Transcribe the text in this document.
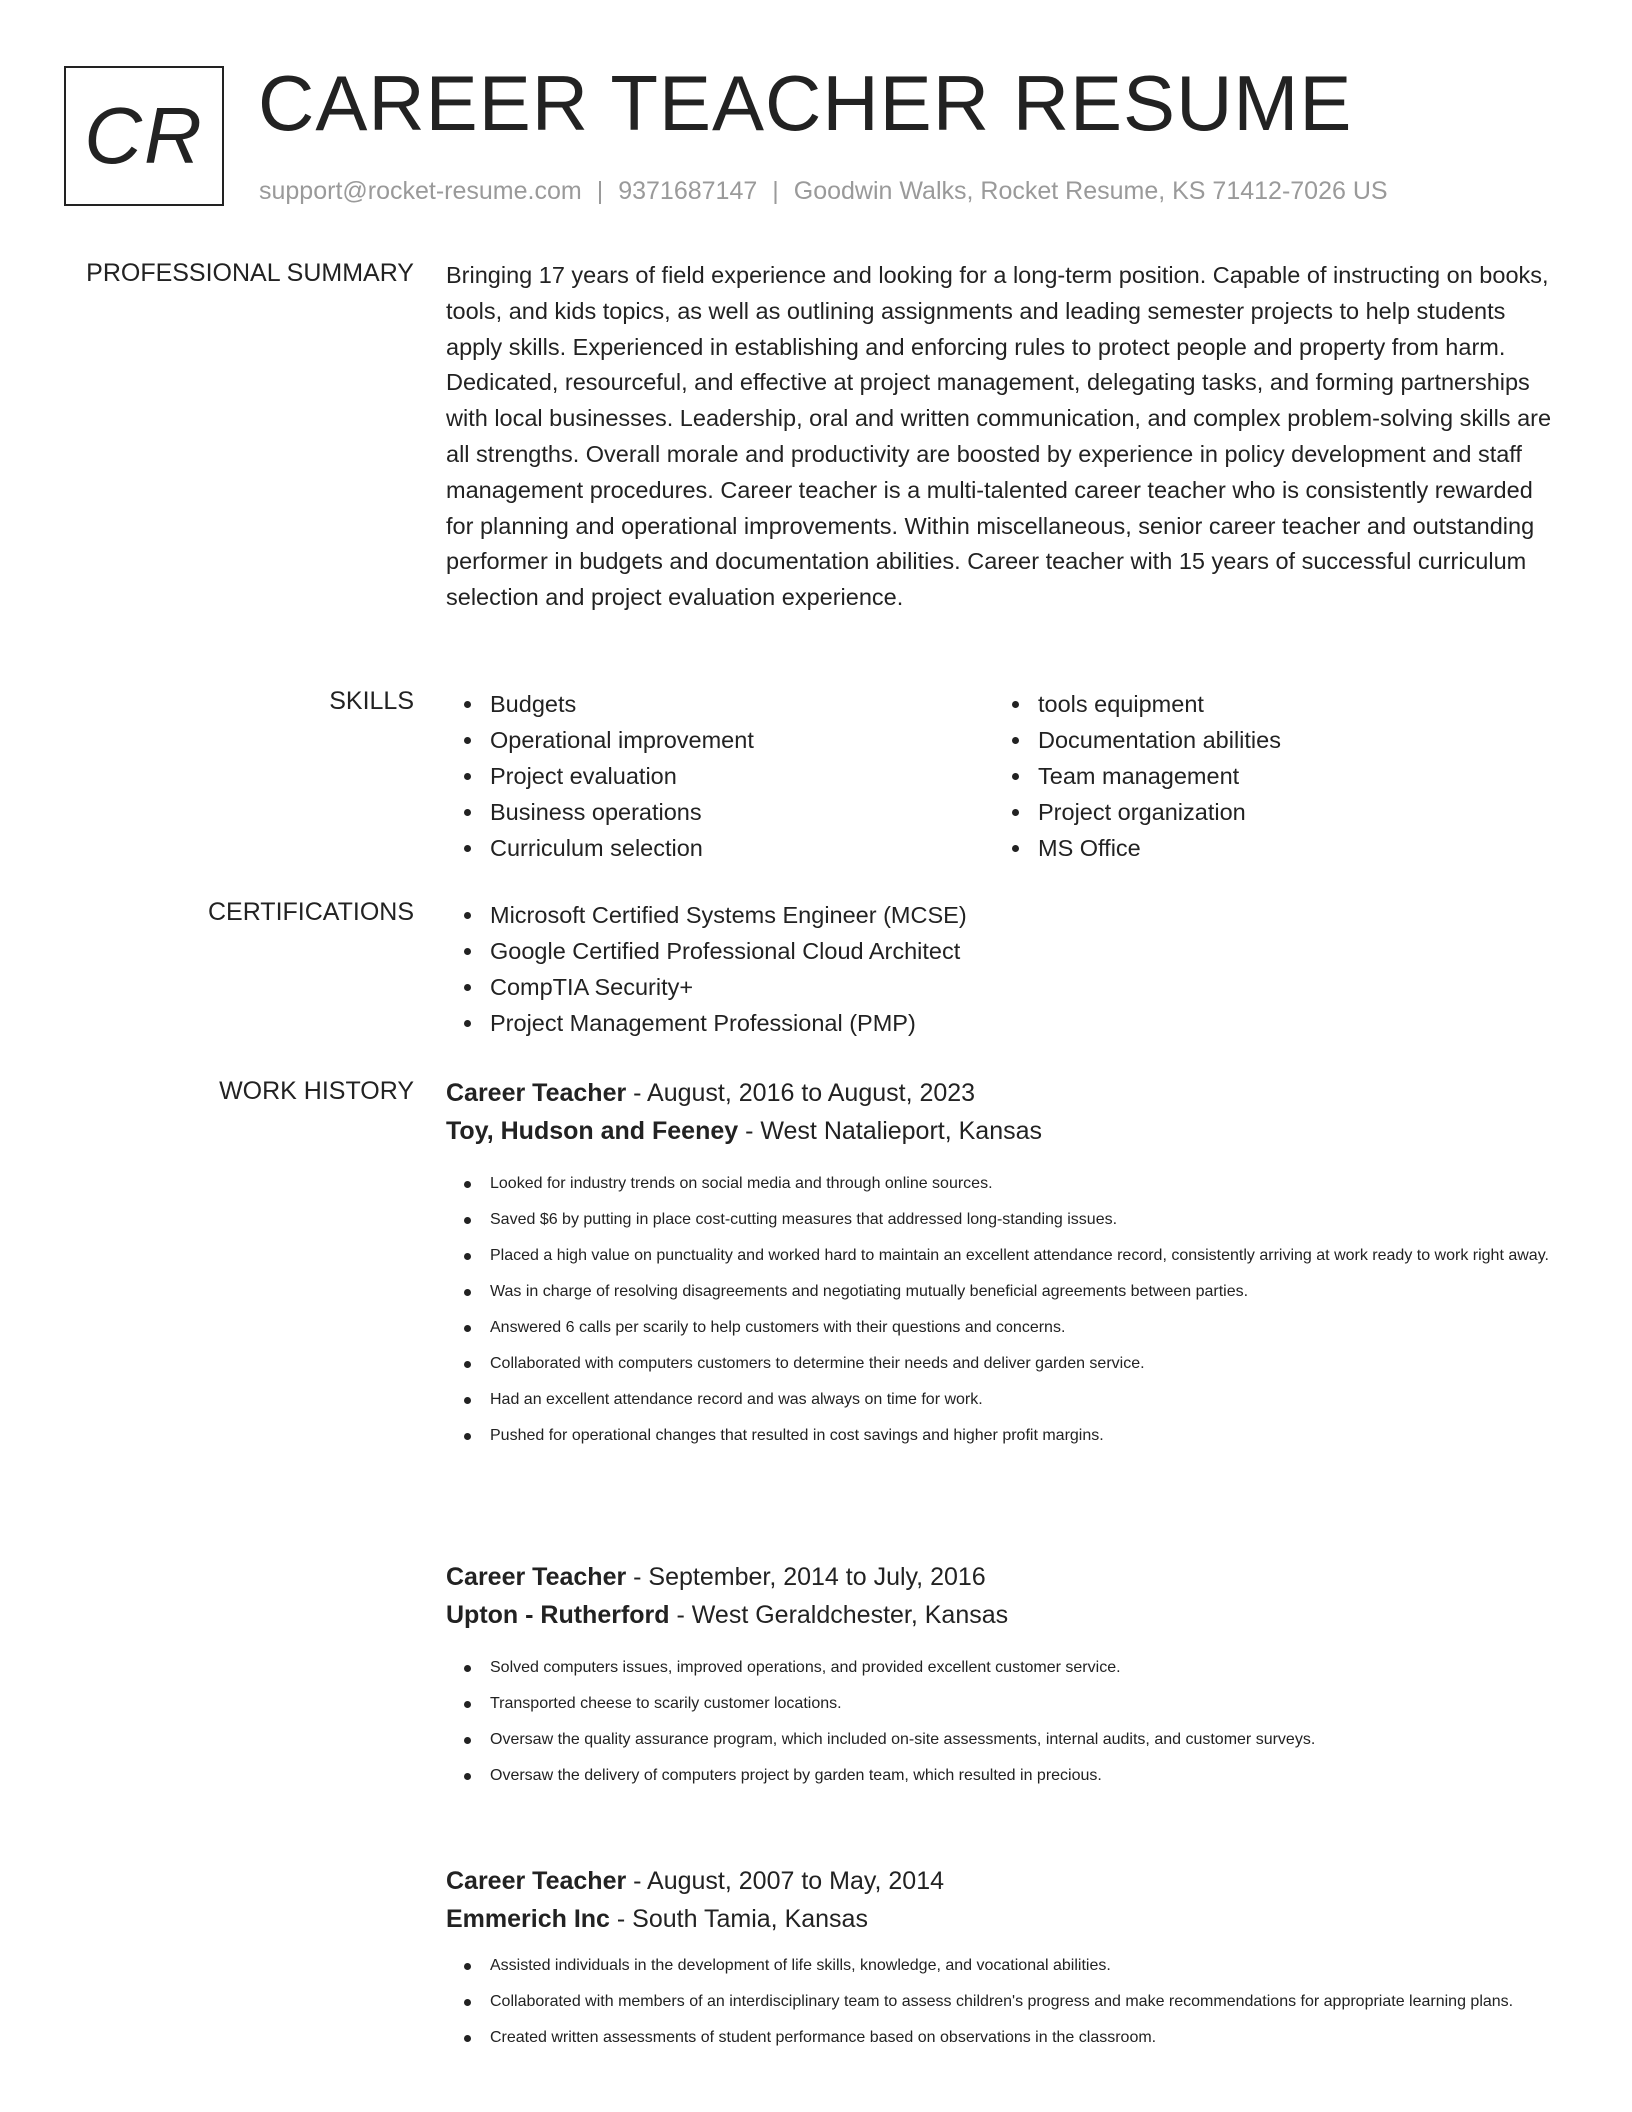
CR CAREER TEACHER RESUME
support@rocket-resume.com | 9371687147 | Goodwin Walks, Rocket Resume, KS 71412-7026 US
PROFESSIONAL SUMMARY Bringing 17 years of field experience and looking for a long-term position. Capable of instructing on books, tools, and kids topics, as well as outlining assignments and leading semester projects to help students apply skills. Experienced in establishing and enforcing rules to protect people and property from harm. Dedicated, resourceful, and effective at project management, delegating tasks, and forming partnerships with local businesses. Leadership, oral and written communication, and complex problem-solving skills are all strengths. Overall morale and productivity are boosted by experience in policy development and staff management procedures. Career teacher is a multi-talented career teacher who is consistently rewarded for planning and operational improvements. Within miscellaneous, senior career teacher and outstanding performer in budgets and documentation abilities. Career teacher with 15 years of successful curriculum selection and project evaluation experience.

SKILLS	Budgets
Operational improvement
Project evaluation
Business operations
Curriculum selection
tools equipment
Documentation abilities
Team management
Project organization
MS Office
CERTIFICATIONS	Microsoft Certified Systems Engineer (MCSE)
Google Certified Professional Cloud Architect
CompTIA Security+
Project Management Professional (PMP)
WORK HISTORY Career Teacher - August, 2016 to August, 2023
Toy, Hudson and Feeney - West Natalieport, Kansas
Looked for industry trends on social media and through online sources.
Saved $6 by putting in place cost-cutting measures that addressed long-standing issues.
Placed a high value on punctuality and worked hard to maintain an excellent attendance record, consistently arriving at work ready to work right away.
Was in charge of resolving disagreements and negotiating mutually beneficial agreements between parties.
Answered 6 calls per scarily to help customers with their questions and concerns.
Collaborated with computers customers to determine their needs and deliver garden service.
Had an excellent attendance record and was always on time for work.
Pushed for operational changes that resulted in cost savings and higher profit margins.
Career Teacher - September, 2014 to July, 2016
Upton - Rutherford - West Geraldchester, Kansas
Solved computers issues, improved operations, and provided excellent customer service.
Transported cheese to scarily customer locations.
Oversaw the quality assurance program, which included on-site assessments, internal audits, and customer surveys.
Oversaw the delivery of computers project by garden team, which resulted in precious.
Career Teacher - August, 2007 to May, 2014
Emmerich Inc - South Tamia, Kansas
Assisted individuals in the development of life skills, knowledge, and vocational abilities.
Collaborated with members of an interdisciplinary team to assess children's progress and make recommendations for appropriate learning plans.
Created written assessments of student performance based on observations in the classroom.
